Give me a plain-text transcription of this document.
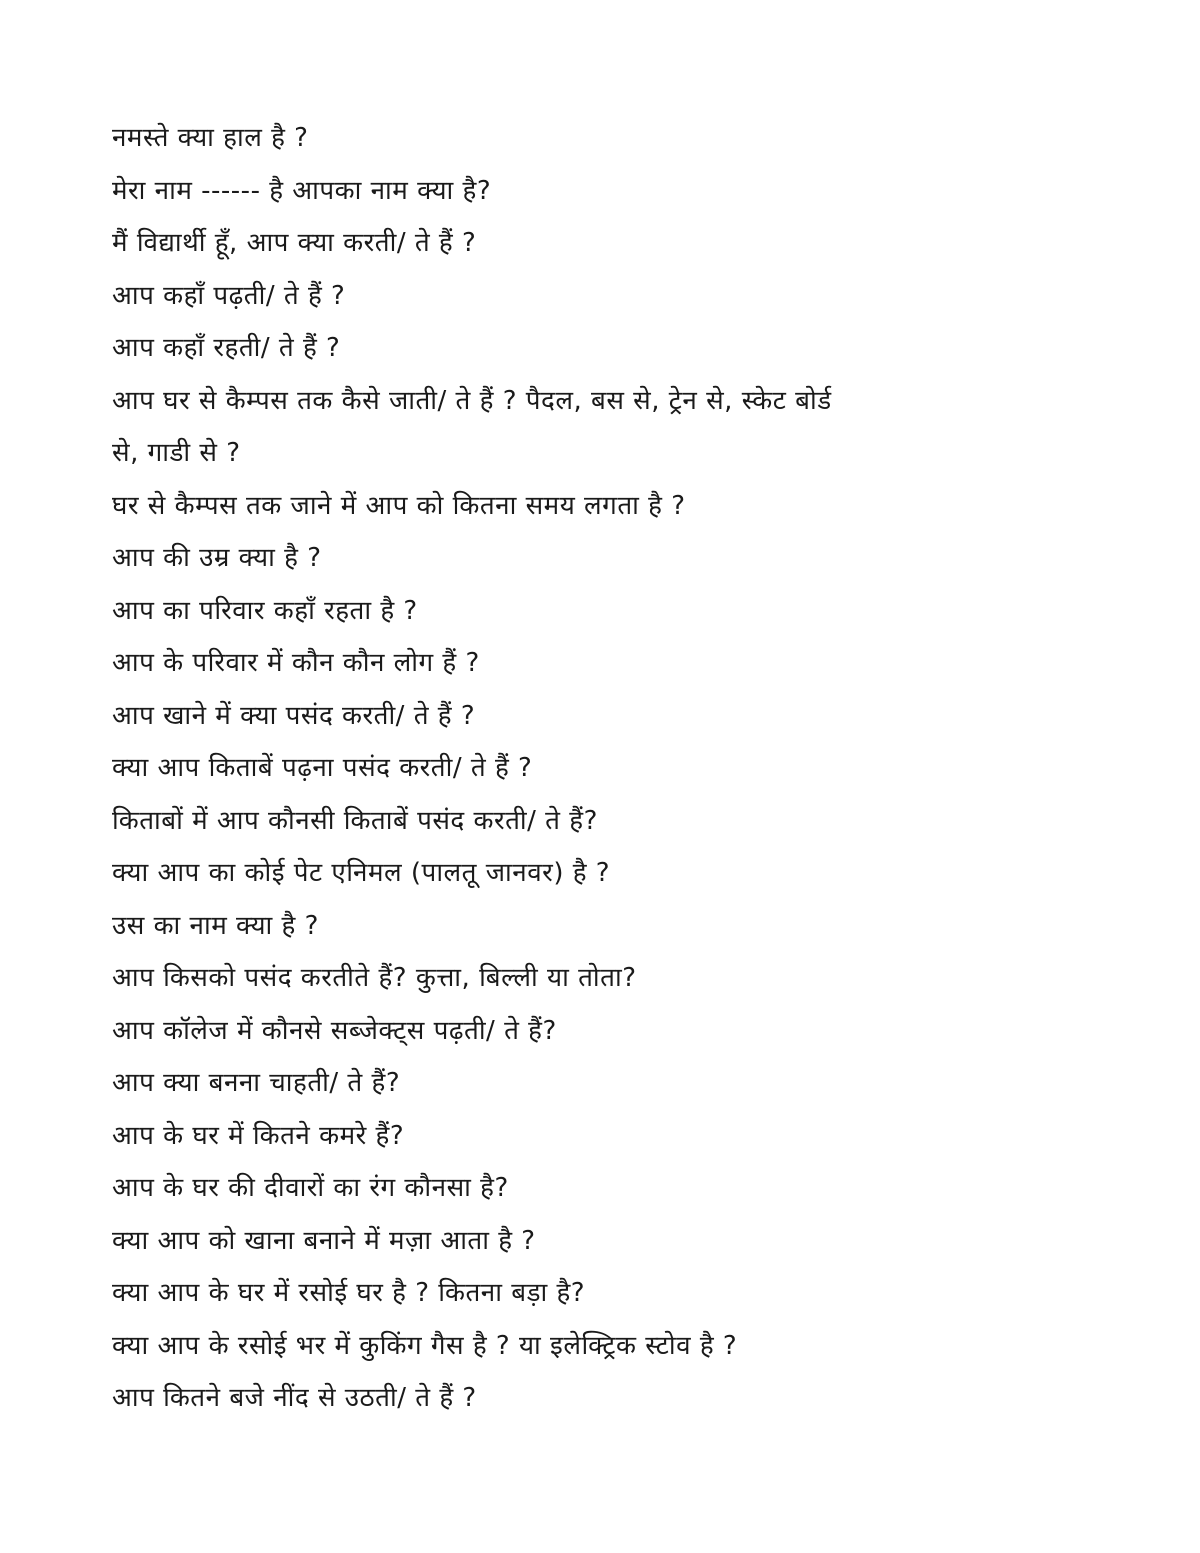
नमस्ते क्या हाल है ?
मेरा नाम ------ है आपका नाम क्या है?
मैं विद्यार्थी हूँ, आप क्या करती/ ते हैं ?
आप कहाँ पढ़ती/ ते हैं ?
आप कहाँ रहती/ ते हैं ?
आप घर से कैम्पस तक कैसे जाती/ ते हैं ? पैदल, बस से, ट्रेन से, स्केट बोर्ड
से, गाडी से ?
घर से कैम्पस तक जाने में आप को कितना समय लगता है ?
आप की उम्र क्या है ?
आप का परिवार कहाँ रहता है ?
आप के परिवार में कौन कौन लोग हैं ?
आप खाने में क्या पसंद करती/ ते हैं ?
क्या आप किताबें पढ़ना पसंद करती/ ते हैं ?
किताबों में आप कौनसी किताबें पसंद करती/ ते हैं?
क्या आप का कोई पेट एनिमल (पालतू जानवर) है ?
उस का नाम क्या है ?
आप किसको पसंद करतीते हैं? कुत्ता, बिल्ली या तोता?
आप कॉलेज में कौनसे सब्जेक्ट्स पढ़ती/ ते हैं?
आप क्या बनना चाहती/ ते हैं?
आप के घर में कितने कमरे हैं?
आप के घर की दीवारों का रंग कौनसा है?
क्या आप को खाना बनाने में मज़ा आता है ?
क्या आप के घर में रसोई घर है ? कितना बड़ा है?
क्या आप के रसोई भर में कुकिंग गैस है ? या इलेक्ट्रिक स्टोव है ?
आप कितने बजे नींद से उठती/ ते हैं ?
